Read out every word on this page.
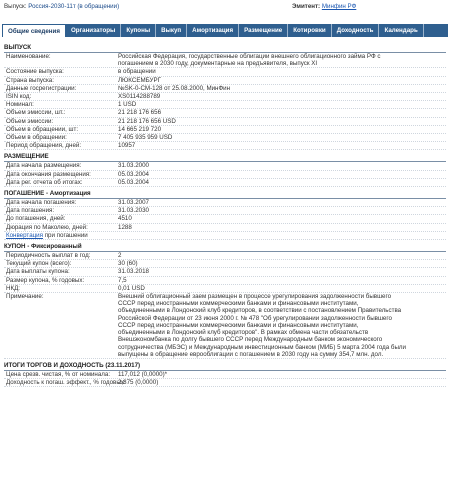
Выпуск: Россия-2030-11т (в обращении)	Эмитент: Минфин РФ
Общие сведения	Организаторы	Купоны	Выкуп	Амортизация	Размещение	Котировки	Доходность	Календарь
ВЫПУСК
Наименование:	Российская Федерация, государственные облигации внешнего облигационного займа РФ с погашением в 2030 году, документарные на предъявителя, выпуск XI
Состояние выпуска:	в обращении
Страна выпуска:	ЛЮКСЕМБУРГ
Данные госрегистрации:	№SK-0-CM-128 от 25.08.2000, МинФин
ISIN код:	XS0114288789
Номинал:	1 USD
Объем эмиссии, шт.:	21 218 176 656
Объем эмиссии:	21 218 176 656 USD
Объем в обращении, шт:	14 665 219 720
Объем в обращении:	7 405 935 959 USD
Период обращения, дней:	10957
РАЗМЕЩЕНИЕ
Дата начала размещения:	31.03.2000
Дата окончания размещения:	05.03.2004
Дата рег. отчета об итогах:	05.03.2004
ПОГАШЕНИЕ - Амортизация
Дата начала погашения:	31.03.2007
Дата погашения:	31.03.2030
До погашения, дней:	4510
Дюрация по Маколею, дней:	1288
Конвертация при погашении

КУПОН - Фиксированный
Периодичность выплат в год:	2
Текущий купон (всего):	30 (60)
Дата выплаты купона:	31.03.2018
Размер купона, % годовых:	7,5
НКД:	0,01 USD
Примечание:	Внешний облигационный заем размещен в процессе урегулирования задолженности бывшего СССР перед иностранными коммерческими банками и финансовыми институтами, объединенными в Лондонский клуб кредиторов, в соответствии с постановлением Правительства Российской Федерации от 23 июня 2000 г. № 478 "Об урегулировании задолженности бывшего СССР перед иностранными коммерческими банками и финансовыми институтами, объединенными в Лондонский клуб кредиторов". В рамках обмена части обязательств Внешэкономбанка по долгу бывшего СССР перед Международным банком экономического сотрудничества (МБЭС) и Международным инвестиционным банком (МИБ) 5 марта 2004 года были выпущены в обращение еврооблигации с погашением в 2030 году на сумму 354,7 млн. дол.
ИТОГИ ТОРГОВ И ДОХОДНОСТЬ (23.11.2017)
Цена срезв. чистая, % от номинала: 117,012 (0,0000)*
Доходность к погаш. эффект., % годовых:
2,875 (0,0000)
